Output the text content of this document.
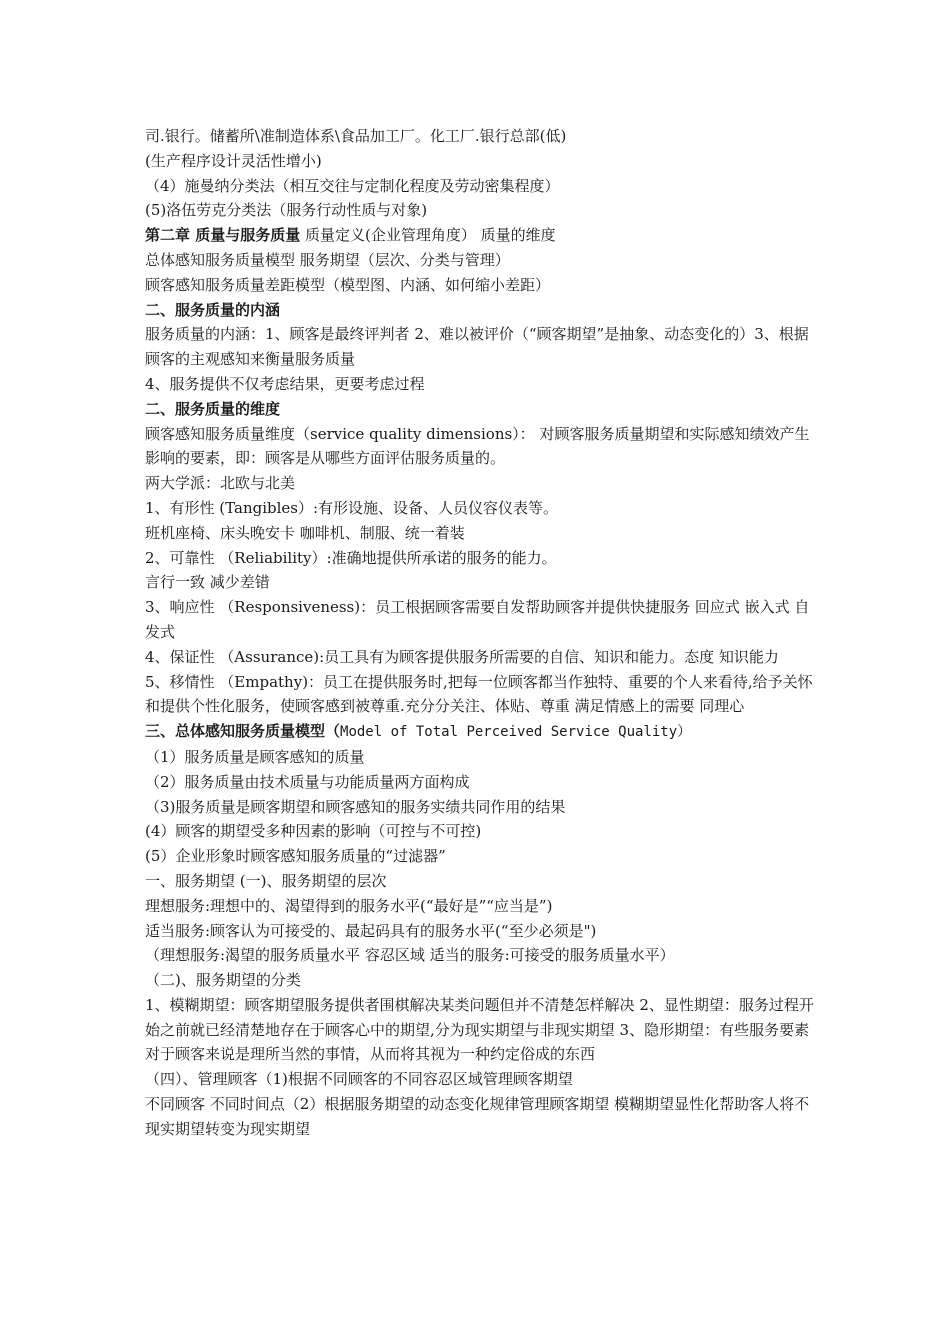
司.银行。储蓄所\准制造体系\食品加工厂。化工厂.银行总部(低)

(生产程序设计灵活性增小)

（4）施曼纳分类法（相互交往与定制化程度及劳动密集程度）

(5)洛伍劳克分类法（服务行动性质与对象)

第二章 质量与服务质量 质量定义(企业管理角度） 质量的维度

总体感知服务质量模型 服务期望（层次、分类与管理）

顾客感知服务质量差距模型（模型图、内涵、如何缩小差距）

二、服务质量的内涵

服务质量的内涵：1、顾客是最终评判者 2、难以被评价（“顾客期望”是抽象、动态变化的）3、根据顾客的主观感知来衡量服务质量

4、服务提供不仅考虑结果，更要考虑过程

二、服务质量的维度

顾客感知服务质量维度（service quality dimensions）： 对顾客服务质量期望和实际感知绩效产生影响的要素，即：顾客是从哪些方面评估服务质量的。

两大学派：北欧与北美

1、有形性 (Tangibles）:有形设施、设备、人员仪容仪表等。

班机座椅、床头晚安卡 咖啡机、制服、统一着装

2、可靠性 （Reliability）:准确地提供所承诺的服务的能力。

言行一致 减少差错

3、响应性 （Responsiveness)：员工根据顾客需要自发帮助顾客并提供快捷服务 回应式 嵌入式 自发式

4、保证性 （Assurance):员工具有为顾客提供服务所需要的自信、知识和能力。态度 知识能力

5、移情性 （Empathy)：员工在提供服务时,把每一位顾客都当作独特、重要的个人来看待,给予关怀和提供个性化服务，使顾客感到被尊重.充分分关注、体贴、尊重 满足情感上的需要 同理心

三、总体感知服务质量模型（Model of Total Perceived Service Quality）

（1）服务质量是顾客感知的质量

（2）服务质量由技术质量与功能质量两方面构成

（3)服务质量是顾客期望和顾客感知的服务实绩共同作用的结果

(4）顾客的期望受多种因素的影响（可控与不可控)

(5）企业形象时顾客感知服务质量的“过滤器”

一、服务期望 (一)、服务期望的层次

理想服务:理想中的、渴望得到的服务水平(“最好是”“应当是”)

适当服务:顾客认为可接受的、最起码具有的服务水平(“至少必须是")

（理想服务:渴望的服务质量水平 容忍区域 适当的服务:可接受的服务质量水平）

（二)、服务期望的分类

1、模糊期望：顾客期望服务提供者围棋解决某类问题但并不清楚怎样解决 2、显性期望：服务过程开始之前就已经清楚地存在于顾客心中的期望,分为现实期望与非现实期望 3、隐形期望：有些服务要素对于顾客来说是理所当然的事情，从而将其视为一种约定俗成的东西

（四）、管理顾客（1)根据不同顾客的不同容忍区域管理顾客期望

不同顾客 不同时间点（2）根据服务期望的动态变化规律管理顾客期望 模糊期望显性化帮助客人将不现实期望转变为现实期望
